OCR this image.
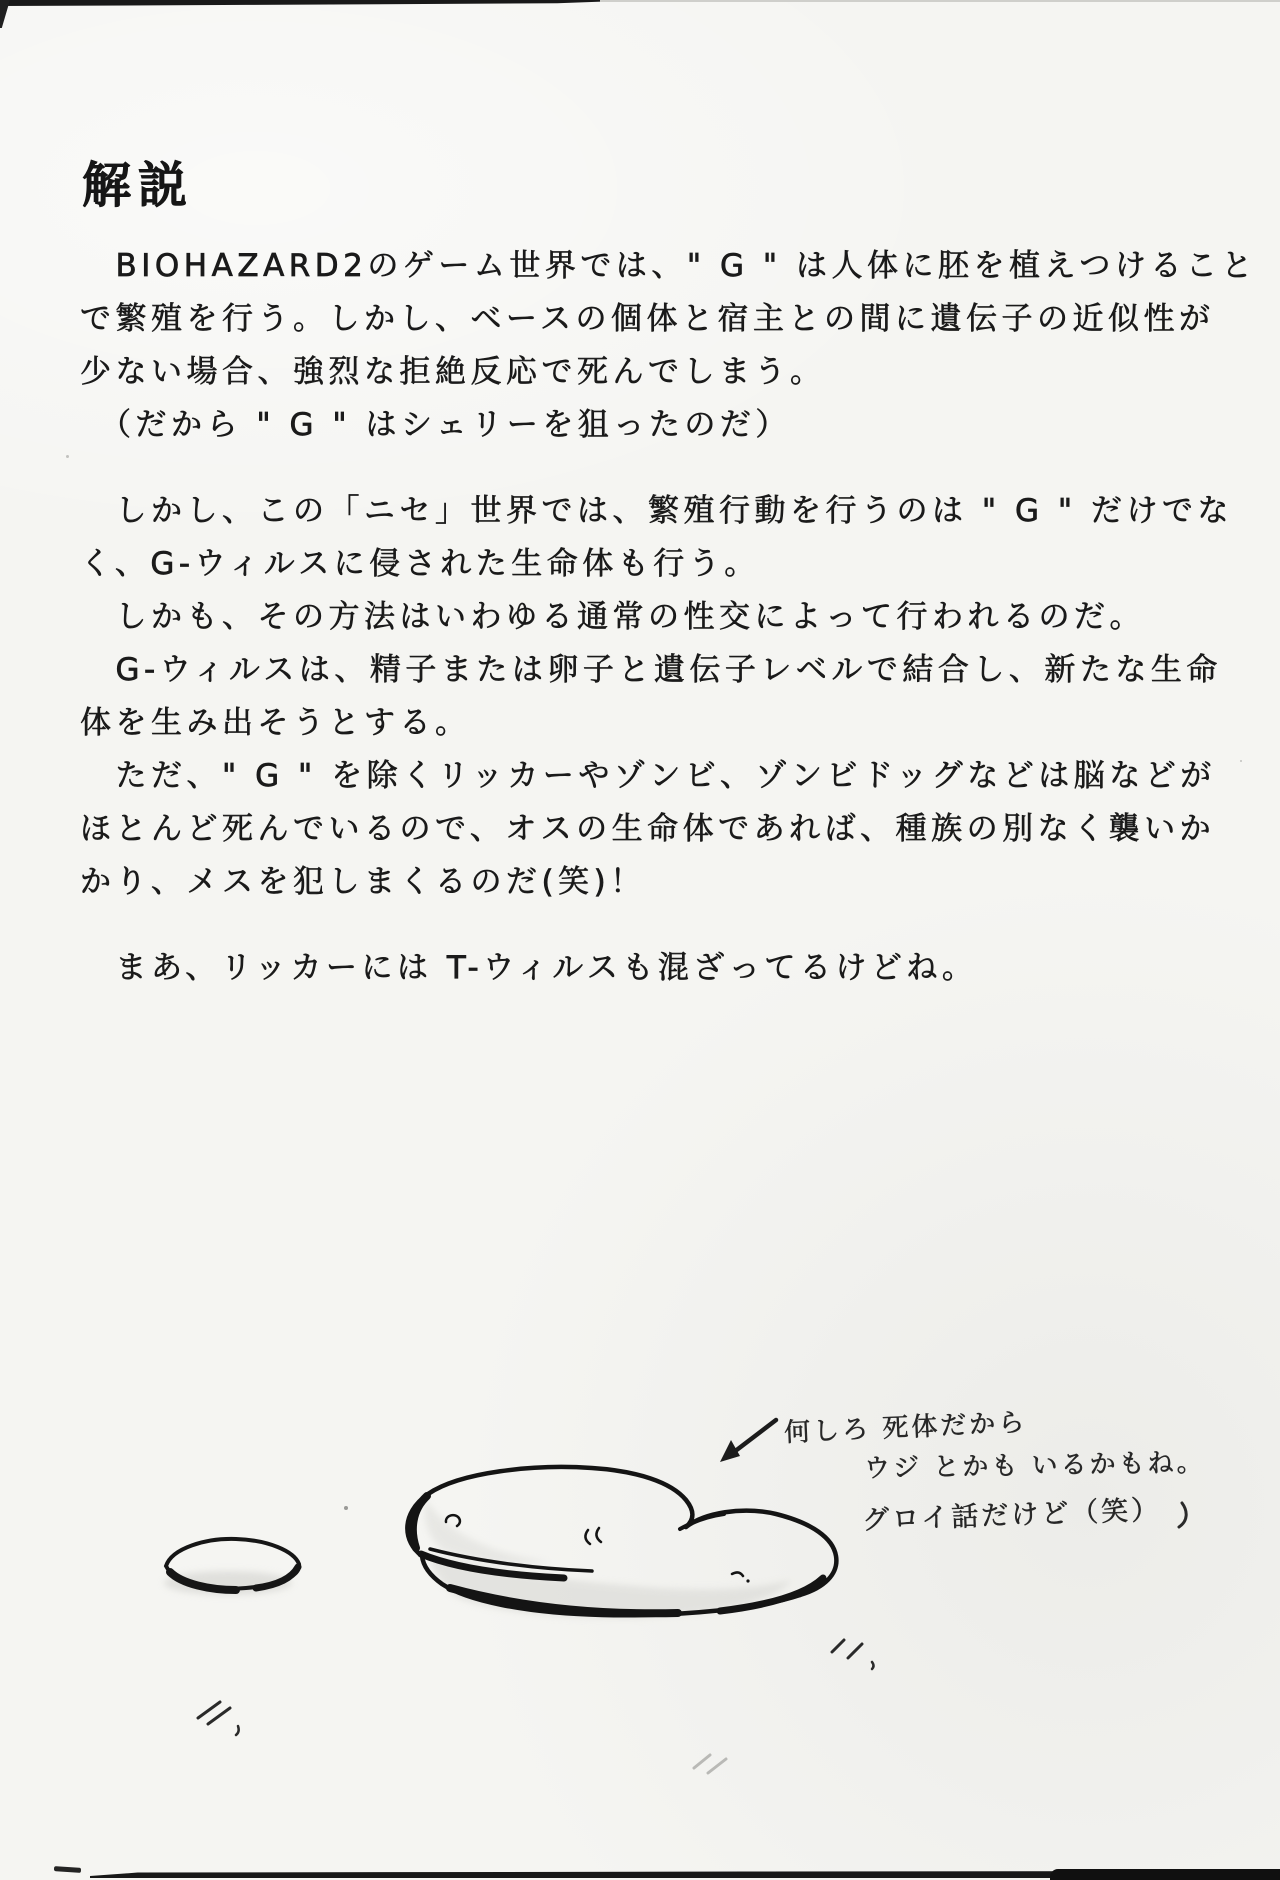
解説
　BIOHAZARD2のゲーム世界では、" G " は人体に胚を植えつけること
で繁殖を行う。しかし、ベースの個体と宿主との間に遺伝子の近似性が
少ない場合、強烈な拒絶反応で死んでしまう。
　（だから " G " はシェリーを狙ったのだ）
　しかし、この「ニセ」世界では、繁殖行動を行うのは " G " だけでな
く、G-ウィルスに侵された生命体も行う。
　しかも、その方法はいわゆる通常の性交によって行われるのだ。
　G-ウィルスは、精子または卵子と遺伝子レベルで結合し、新たな生命
体を生み出そうとする。
　ただ、" G " を除くリッカーやゾンビ、ゾンビドッグなどは脳などが
ほとんど死んでいるので、オスの生命体であれば、種族の別なく襲いか
かり、メスを犯しまくるのだ(笑)！
　まあ、リッカーには T-ウィルスも混ざってるけどね。
何しろ 死体だから
ウジ とかも いるかもね。
グロイ話だけど（笑）
